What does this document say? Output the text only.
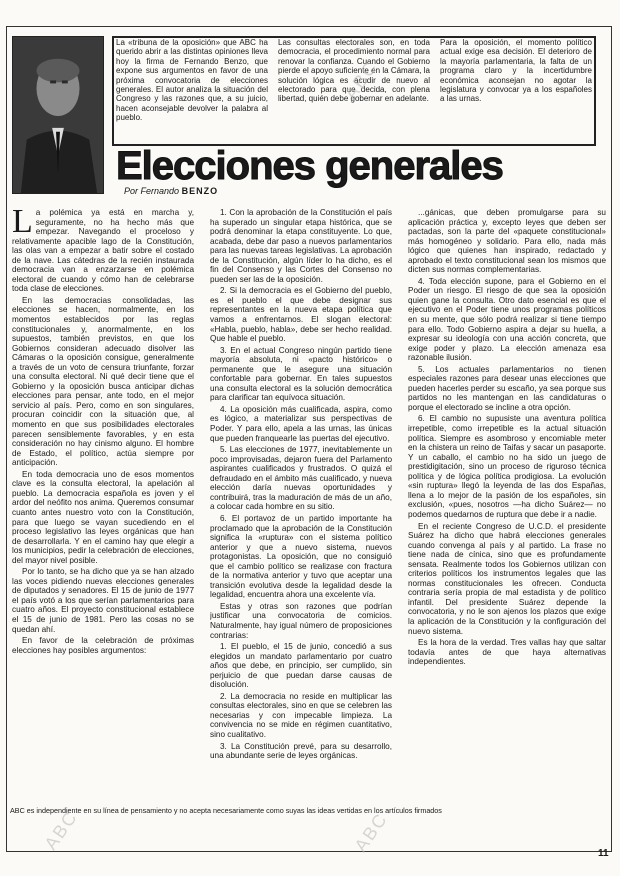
La «tribuna de la oposición» que ABC ha querido abrir a las distintas opiniones lleva hoy la firma de Fernando Benzo, que expone sus argumentos en favor de una próxima convocatoria de elecciones generales. El autor analiza la situación del Congreso y las razones que, a su juicio, hacen aconsejable devolver la palabra al pueblo.
Las consultas electorales son, en toda democracia, el procedimiento normal para renovar la confianza. Cuando el Gobierno pierde el apoyo suficiente en la Cámara, la solución lógica es acudir de nuevo al electorado para que decida, con plena libertad, quién debe gobernar en adelante.
Para la oposición, el momento político actual exige esa decisión. El deterioro de la mayoría parlamentaria, la falta de un programa claro y la incertidumbre económica aconsejan no agotar la legislatura y convocar ya a los españoles a las urnas.
Elecciones generales
Por Fernando BENZO

La polémica ya está en marcha y, seguramente, no ha hecho más que empezar. Navegando el proceloso y relativamente apacible lago de la Constitución, las olas van a empezar a batir sobre el costado de la nave. Las cátedras de la recién instaurada democracia van a enzarzarse en polémica electoral de cuando y cómo han de celebrarse toda clase de elecciones.

En las democracias consolidadas, las elecciones se hacen, normalmente, en los momentos establecidos por las reglas constitucionales y, anormalmente, en los supuestos, también previstos, en que los Gobiernos consideran adecuado disolver las Cámaras o la oposición consigue, generalmente a través de un voto de censura triunfante, forzar una consulta electoral. Ni qué decir tiene que el Gobierno y la oposición busca anticipar dichas elecciones para pensar, ante todo, en el mejor servicio al país. Pero, como en son singulares, procuran coincidir con la situación que, al momento en que sus posibilidades electorales parecen sensiblemente favorables, y en esta consideración no hay cinismo alguno. El hombre de Estado, el político, actúa siempre por anticipación.

En toda democracia uno de esos momentos clave es la consulta electoral, la apelación al pueblo. La democracia española es joven y el ardor del neófito nos anima. Queremos consumar cuanto antes nuestro voto con la Constitución, para que luego se vayan sucediendo en el proceso legislativo las leyes orgánicas que han de desarrollarla. Y en el camino hay que elegir a los municipios, pedir la celebración de elecciones, del mayor nivel posible.

Por lo tanto, se ha dicho que ya se han alzado las voces pidiendo nuevas elecciones generales de diputados y senadores. El 15 de junio de 1977 el país votó a los que serían parlamentarios para cuatro años. El proyecto constitucional establece el 15 de junio de 1981. Pero las cosas no se quedan ahí.

En favor de la celebración de próximas elecciones hay posibles argumentos:

1. Con la aprobación de la Constitución el país ha superado un singular etapa histórica, que se podrá denominar la etapa constituyente. Lo que, acabada, debe dar paso a nuevos parlamentarios para las nuevas tareas legislativas. La aprobación de la Constitución, algún líder lo ha dicho, es el fin del Consenso y las Cortes del Consenso no pueden ser las de la oposición.

2. Si la democracia es el Gobierno del pueblo, es el pueblo el que debe designar sus representantes en la nueva etapa política que vamos a enfrentarnos. El slogan electoral: «Habla, pueblo, habla», debe ser hecho realidad. Que hable el pueblo.

3. En el actual Congreso ningún partido tiene mayoría absoluta, ni «pacto histórico» o permanente que le asegure una situación confortable para gobernar. En tales supuestos una consulta electoral es la solución democrática para clarificar tan equívoca situación.

4. La oposición más cualificada, aspira, como es lógico, a materializar sus perspectivas de Poder. Y para ello, apela a las urnas, las únicas que pueden franquearle las puertas del ejecutivo.

5. Las elecciones de 1977, inevitablemente un poco improvisadas, dejaron fuera del Parlamento aspirantes cualificados y frustrados. O quizá el defraudado en el ámbito más cualificado, y nueva elección daría nuevas oportunidades y contribuirá, tras la maduración de más de un año, a colocar cada hombre en su sitio.

6. El portavoz de un partido importante ha proclamado que la aprobación de la Constitución significa la «ruptura» con el sistema político anterior y que a nuevo sistema, nuevos protagonistas. La oposición, que no consiguió que el cambio político se realizase con fractura de la normativa anterior y tuvo que aceptar una transición evolutiva desde la legalidad desde la legalidad, encuentra ahora una excelente vía.

Estas y otras son razones que podrían justificar una convocatoria de comicios. Naturalmente, hay igual número de proposiciones contrarias:

1. El pueblo, el 15 de junio, concedió a sus elegidos un mandato parlamentario por cuatro años que debe, en principio, ser cumplido, sin perjuicio de que puedan darse causas de disolución.

2. La democracia no reside en multiplicar las consultas electorales, sino en que se celebren las necesarias y con impecable limpieza. La convivencia no se mide en régimen cuantitativo, sino cualitativo.

3. La Constitución prevé, para su desarrollo, una abundante serie de leyes orgánicas.

...gánicas, que deben promulgarse para su aplicación práctica y, excepto leyes que deben ser pactadas, son la parte del «paquete constitucional» más homogéneo y solidario. Para ello, nada más lógico que quienes han inspirado, redactado y aprobado el texto constitucional sean los mismos que dicten sus normas complementarias.

4. Toda elección supone, para el Gobierno en el Poder un riesgo. El riesgo de que sea la oposición quien gane la consulta. Otro dato esencial es que el ejecutivo en el Poder tiene unos programas políticos en su mente, que sólo podrá realizar si tiene tiempo para ello. Todo Gobierno aspira a dejar su huella, a expresar su ideología con una acción concreta, que exige poder y plazo. La elección amenaza esa razonable ilusión.

5. Los actuales parlamentarios no tienen especiales razones para desear unas elecciones que pueden hacerles perder su escaño, ya sea porque sus partidos no les mantengan en las candidaturas o porque el electorado se incline a otra opción.

6. El cambio no supusiste una aventura política irrepetible, como irrepetible es la actual situación política. Siempre es asombroso y encomiable meter en la chistera un reino de Taifas y sacar un pasaporte. Y un caballo, el cambio no ha sido un juego de prestidigitación, sino un proceso de riguroso técnica política y de lógica política prodigiosa. La evolución «sin ruptura» llegó la leyenda de las dos Españas, llena a lo mejor de la pasión de los españoles, sin exclusión, «pues, nosotros —ha dicho Suárez— no podemos quedarnos de ruptura que debe ir a nadie.

En el reciente Congreso de U.C.D. el presidente Suárez ha dicho que habrá elecciones generales cuando convenga al país y al partido. La frase no tiene nada de cínica, sino que es profundamente sensata. Realmente todos los Gobiernos utilizan con criterios políticos los instrumentos legales que las normas constitucionales les ofrecen. Conducta contraria sería propia de mal estadista y de político infantil. Del presidente Suárez depende la convocatoria, y no le son ajenos los plazos que exige la aplicación de la Constitución y la configuración del nuevo sistema.

Es la hora de la verdad. Tres vallas hay que saltar todavía antes de que haya alternativas independientes.

ABC es independiente en su línea de pensamiento y no acepta necesariamente como suyas las ideas vertidas en los artículos firmados
11
ABC
ABC	ABC
